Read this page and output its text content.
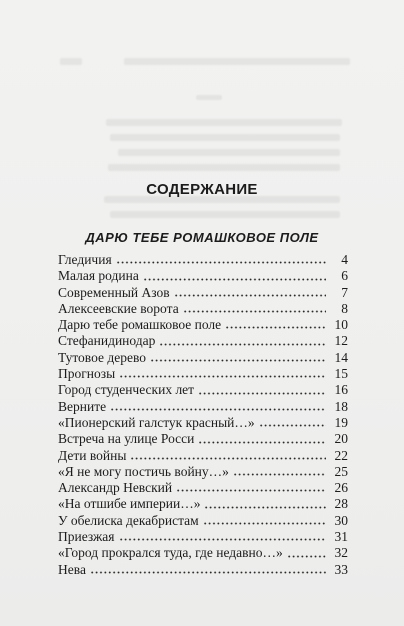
СОДЕРЖАНИЕ
ДАРЮ ТЕБЕ РОМАШКОВОЕ ПОЛЕ
Гледичия	4
Малая родина	6
Современный Азов	7
Алексеевские ворота	8
Дарю тебе ромашковое поле	10
Стефанидинодар	12
Тутовое дерево	14
Прогнозы	15
Город студенческих лет	16
Верните	18
«Пионерский галстук красный…»	19
Встреча на улице Росси	20
Дети войны	22
«Я не могу постичь войну…»	25
Александр Невский	26
«На отшибе империи…»	28
У обелиска декабристам	30
Приезжая	31
«Город прокрался туда, где недавно…»	32
Нева	33
